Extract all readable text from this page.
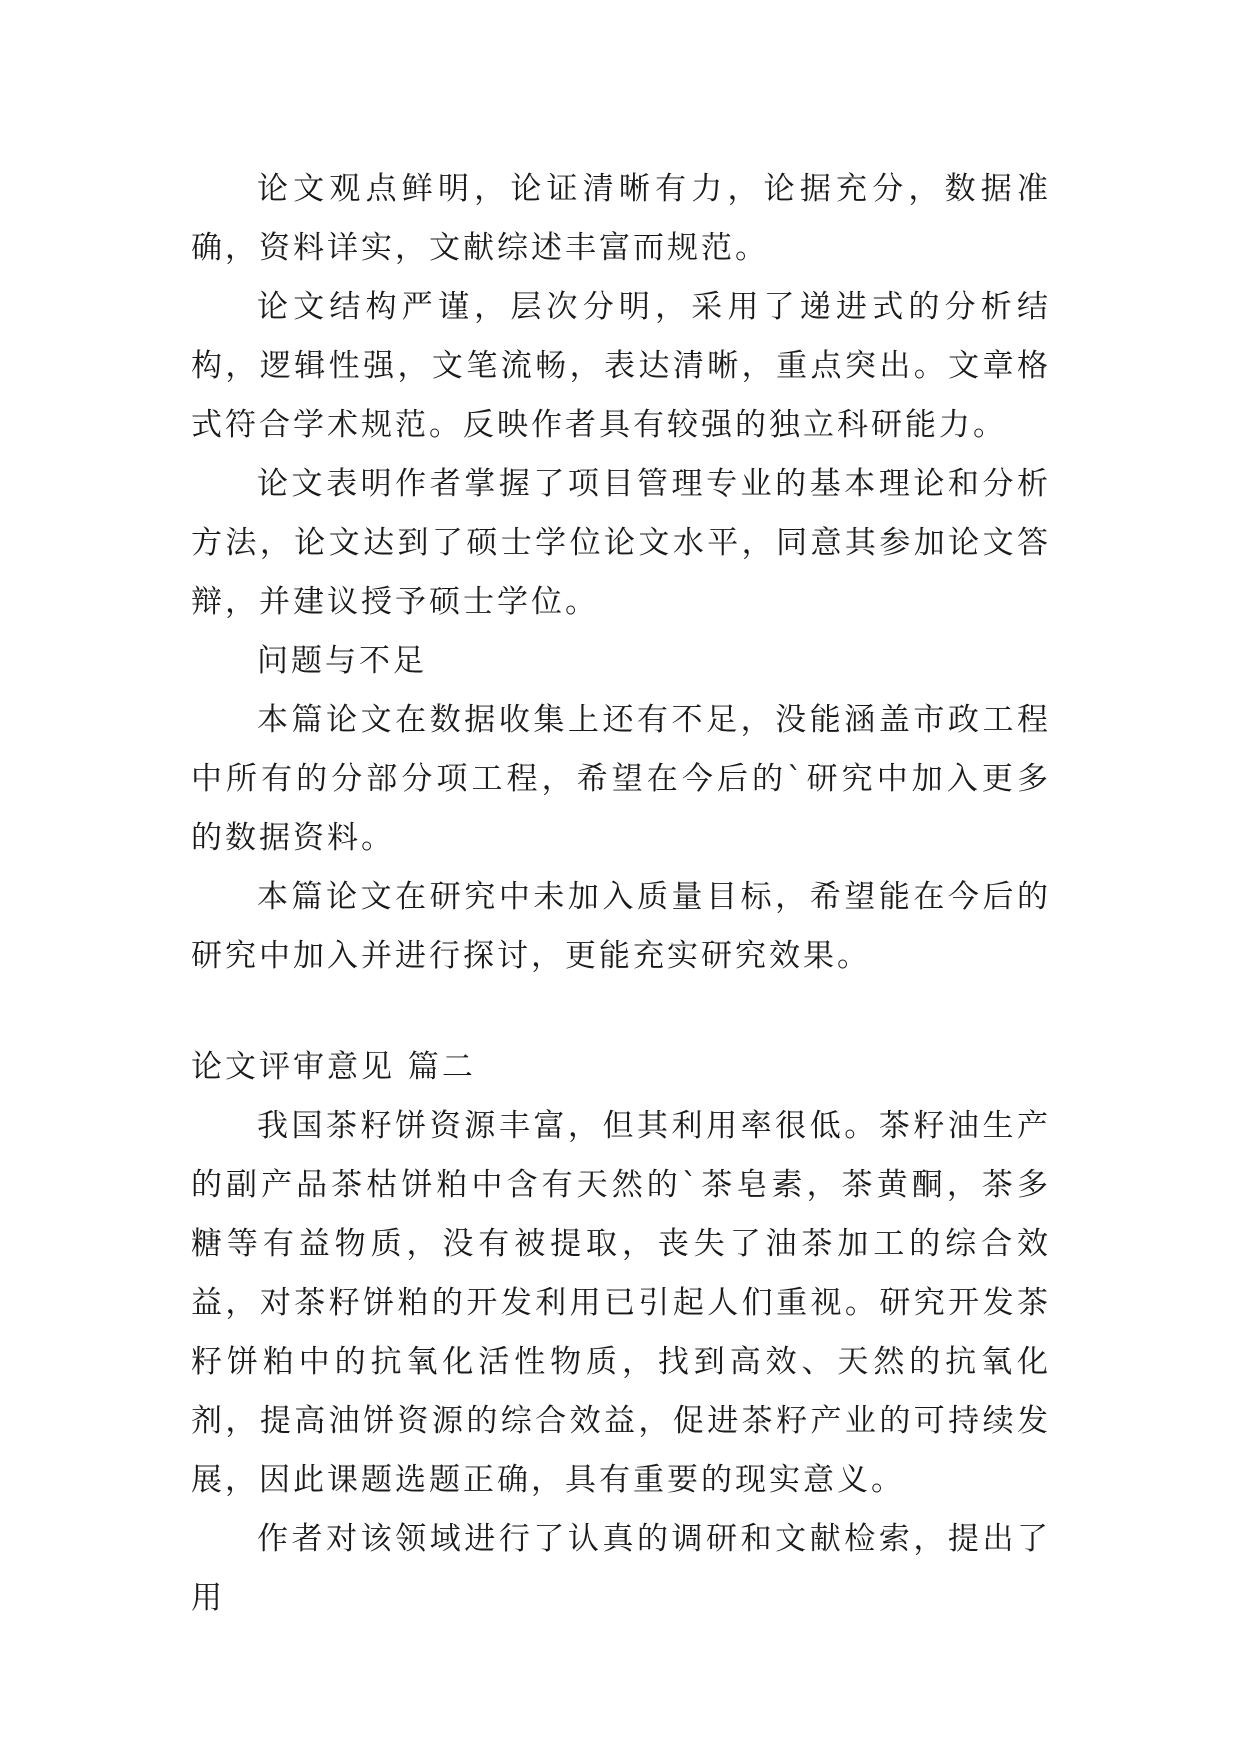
论文观点鲜明，论证清晰有力，论据充分，数据准确，资料详实，文献综述丰富而规范。

论文结构严谨，层次分明，采用了递进式的分析结构，逻辑性强，文笔流畅，表达清晰，重点突出。文章格式符合学术规范。反映作者具有较强的独立科研能力。

论文表明作者掌握了项目管理专业的基本理论和分析方法，论文达到了硕士学位论文水平，同意其参加论文答辩，并建议授予硕士学位。

问题与不足

本篇论文在数据收集上还有不足，没能涵盖市政工程中所有的分部分项工程，希望在今后的`研究中加入更多的数据资料。

本篇论文在研究中未加入质量目标，希望能在今后的研究中加入并进行探讨，更能充实研究效果。

论文评审意见 篇二

我国茶籽饼资源丰富，但其利用率很低。茶籽油生产的副产品茶枯饼粕中含有天然的`茶皂素，茶黄酮，茶多糖等有益物质，没有被提取，丧失了油茶加工的综合效益，对茶籽饼粕的开发利用已引起人们重视。研究开发茶籽饼粕中的抗氧化活性物质，找到高效、天然的抗氧化剂，提高油饼资源的综合效益，促进茶籽产业的可持续发展，因此课题选题正确，具有重要的现实意义。

作者对该领域进行了认真的调研和文献检索，提出了用
